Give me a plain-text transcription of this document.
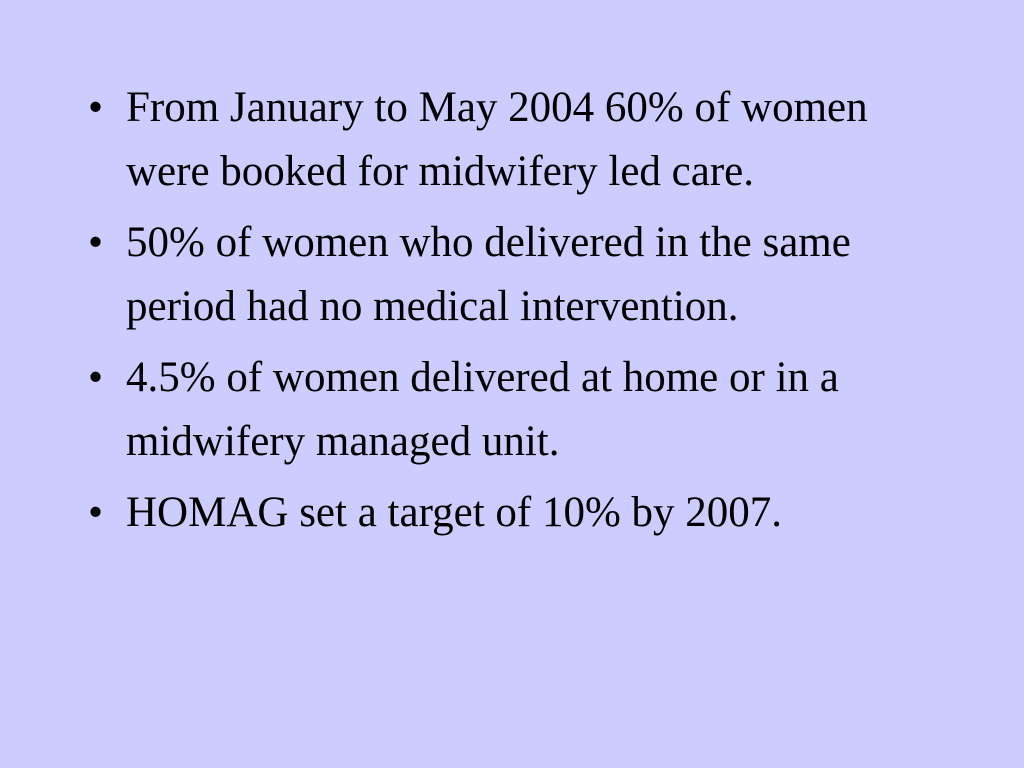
• From January to May 2004 60% of women were booked for midwifery led care.
• 50% of women who delivered in the same period had no medical intervention.
• 4.5% of women delivered at home or in a midwifery managed unit.
• HOMAG set a target of 10% by 2007.
